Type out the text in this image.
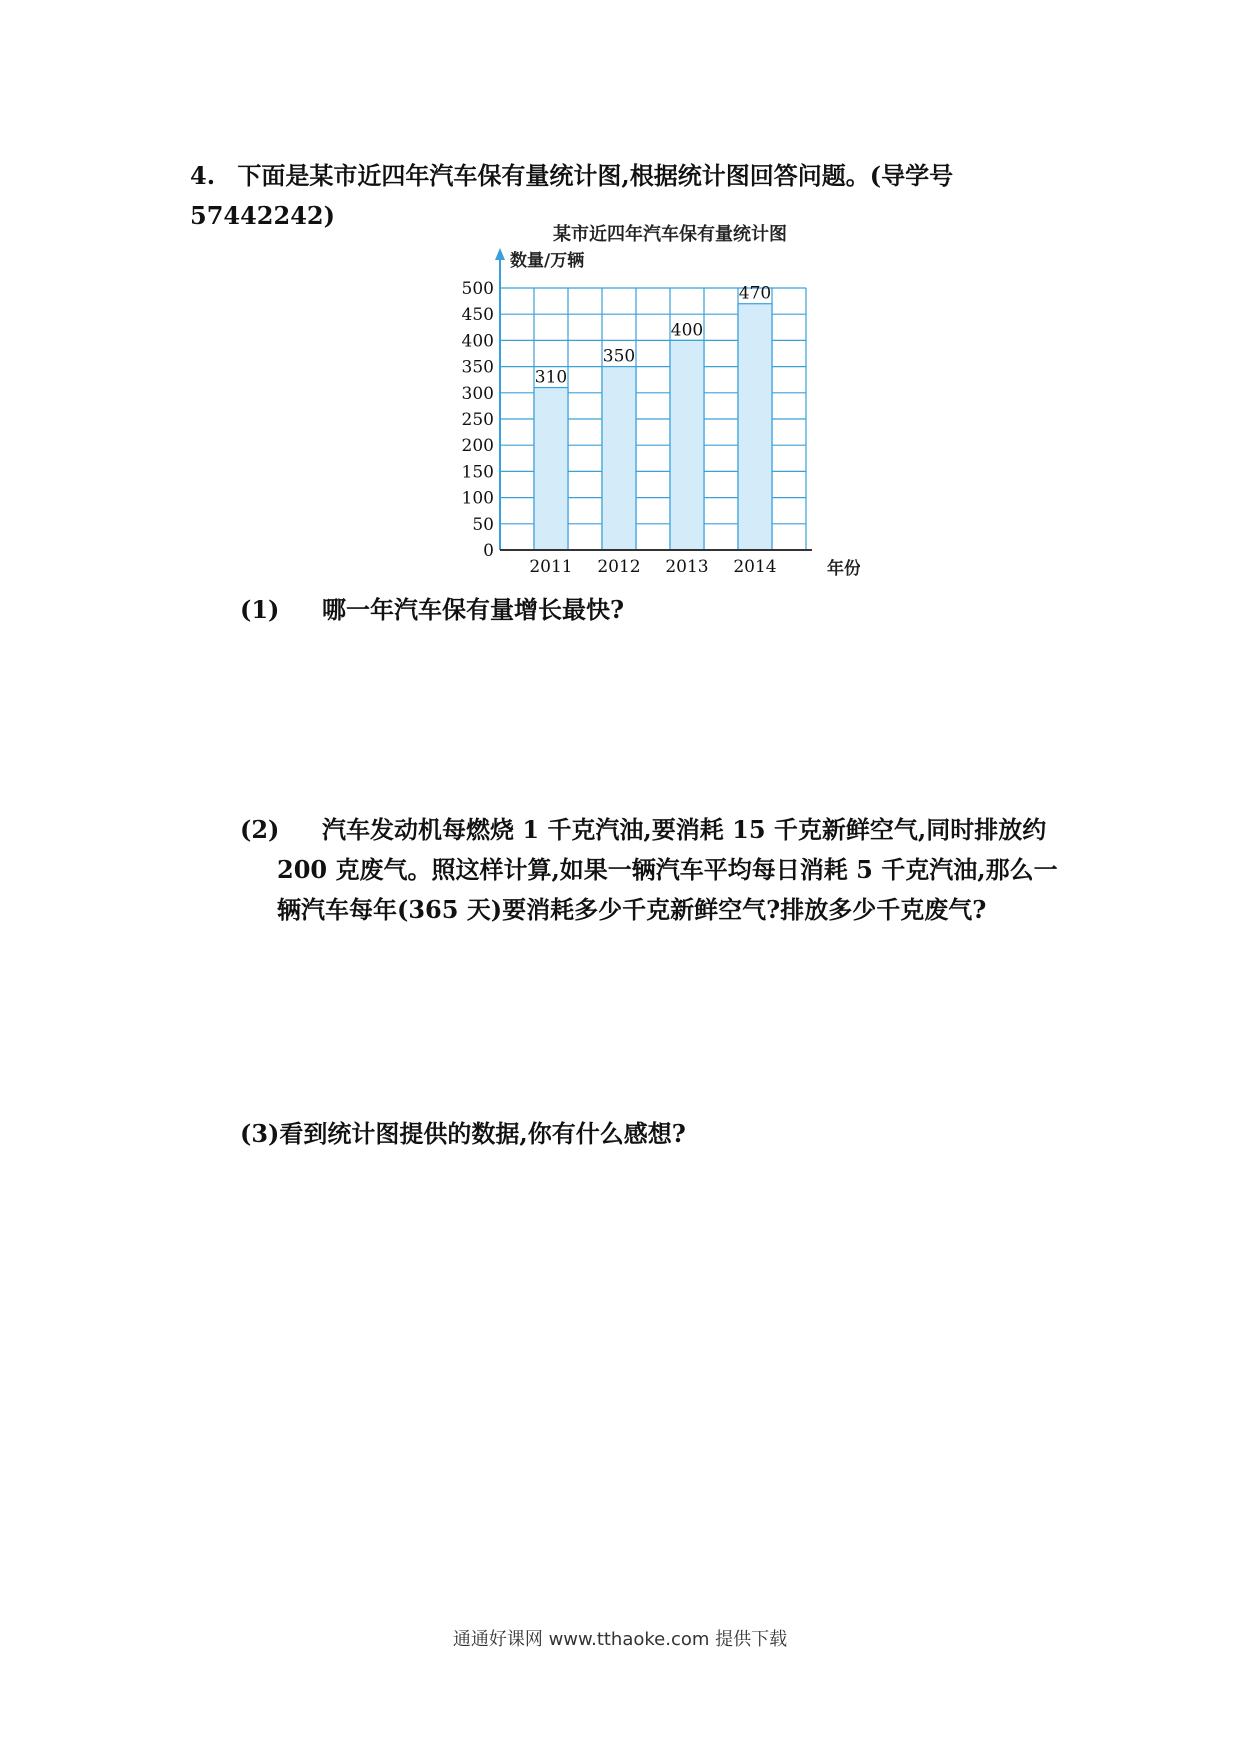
4. 下面是某市近四年汽车保有量统计图,根据统计图回答问题。(导学号
57442242)
某市近四年汽车保有量统计图
数量/万辆
310
2011
350
2012
400
2013
470
2014
0
50
100
150
200
250
300
350
400
450
500
年份
(1) 哪一年汽车保有量增长最快?
(2) 汽车发动机每燃烧 1 千克汽油,要消耗 15 千克新鲜空气,同时排放约
200 克废气。照这样计算,如果一辆汽车平均每日消耗 5 千克汽油,那么一
辆汽车每年(365 天)要消耗多少千克新鲜空气?排放多少千克废气?
(3)看到统计图提供的数据,你有什么感想?
通通好课网 www.tthaoke.com 提供下载
